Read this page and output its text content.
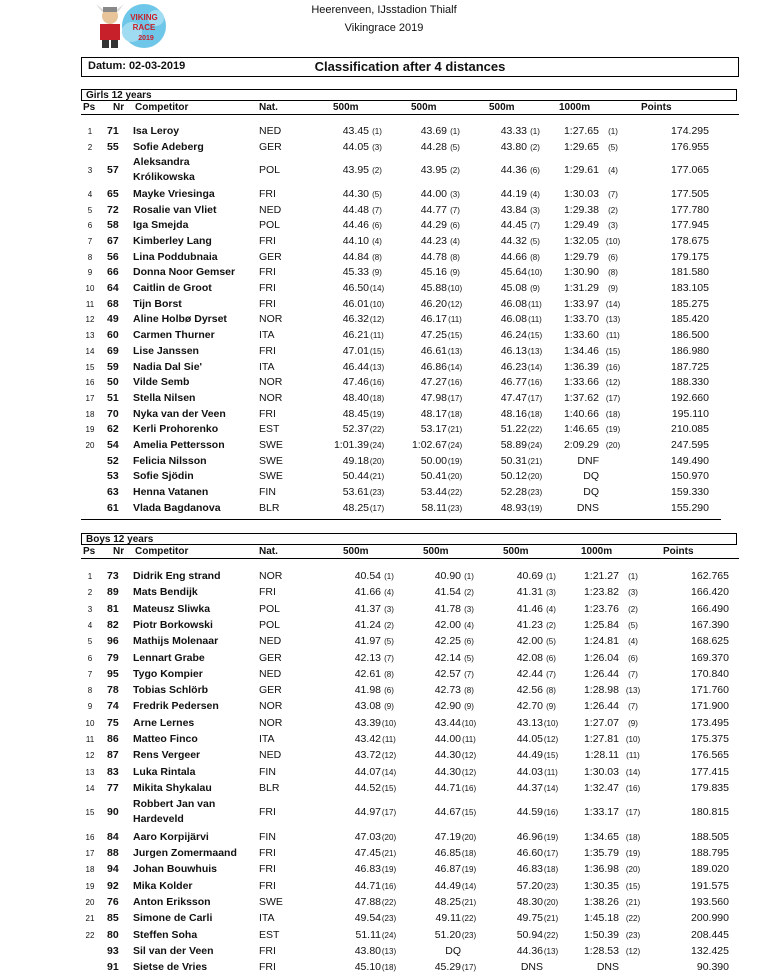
VIKING
RACE
2019
Heerenveen, IJsstadion Thialf
Vikingrace 2019
Datum: 02-03-2019	Classification after 4 distances
Girls 12 years
Ps Nr Competitor	Nat.	500m	500m	500m	1000m	Points
1	71 Isa Leroy	NED	43.45 (1)	43.69 (1)	43.33 (1)	1:27.65	(1)	174.295
2	55 Sofie Adeberg	GER	44.05 (3)	44.28 (5)	43.80 (2)	1:29.65	(5)	176.955
3	57
Aleksandra Królikowska
POL	43.95 (2)	43.95 (2)	44.36 (6)	1:29.61	(4)	177.065
4	65 Mayke Vriesinga	FRI	44.30 (5)	44.00 (3)	44.19 (4)	1:30.03	(7)	177.505
5	72 Rosalie van Vliet	NED	44.48 (7)	44.77 (7)	43.84 (3)	1:29.38	(2)	177.780
6	58 Iga Smejda	POL	44.46 (6)	44.29 (6)	44.45 (7)	1:29.49	(3)	177.945
7	67 Kimberley Lang	FRI	44.10 (4)	44.23 (4)	44.32 (5)	1:32.05 (10)	178.675
8	56 Lina Poddubnaia	GER	44.84 (8)	44.78 (8)	44.66 (8)	1:29.79	(6)	179.175
9	66 Donna Noor Gemser FRI	45.33 (9)	45.16 (9)	45.64 (10)	1:30.90	(8)	181.580
10	64 Caitlin de Groot	FRI	46.50 (14)	45.88 (10)	45.08 (9)	1:31.29	(9)	183.105
11	68 Tijn Borst	FRI	46.01 (10)	46.20 (12)	46.08 (11)	1:33.97 (14)	185.275
12	49 Aline Holbø Dyrset	NOR	46.32 (12)	46.17 (11)	46.08 (11)	1:33.70 (13)	185.420
13	60 Carmen Thurner	ITA	46.21 (11)	47.25 (15)	46.24 (15)	1:33.60 (11)	186.500
14	69 Lise Janssen	FRI	47.01 (15)	46.61 (13)	46.13 (13)	1:34.46 (15)	186.980
15	59 Nadia Dal Sie'	ITA	46.44 (13)	46.86 (14)	46.23 (14)	1:36.39 (16)	187.725
16	50 Vilde Semb	NOR	47.46 (16)	47.27 (16)	46.77 (16)	1:33.66 (12)	188.330
17	51 Stella Nilsen	NOR	48.40 (18)	47.98 (17)	47.47 (17)	1:37.62 (17)	192.660
18	70 Nyka van der Veen	FRI	48.45 (19)	48.17 (18)	48.16 (18)	1:40.66 (18)	195.110
19	62 Kerli Prohorenko	EST	52.37 (22)	53.17 (21)	51.22 (22)	1:46.65 (19)	210.085
20	54 Amelia Pettersson	SWE	1:01.39 (24)	1:02.67 (24)	58.89 (24)	2:09.29 (20)	247.595
52 Felicia Nilsson	SWE	49.18 (20)	50.00 (19)	50.31 (21)	DNF	149.490
53 Sofie Sjödin	SWE	50.44 (21)	50.41 (20)	50.12 (20)	DQ	150.970
63 Henna Vatanen	FIN	53.61 (23)	53.44 (22)	52.28 (23)	DQ	159.330
61 Vlada Bagdanova	BLR	48.25 (17)	58.11 (23)	48.93 (19)	DNS	155.290
Boys 12 years
Ps Nr Competitor	Nat.	500m	500m	500m	1000m	Points
1	73 Didrik Eng strand	NOR	40.54 (1)	40.90 (1)	40.69 (1)	1:21.27	(1)	162.765
2	89 Mats Bendijk	FRI	41.66 (4)	41.54 (2)	41.31 (3)	1:23.82	(3)	166.420
3	81 Mateusz Sliwka	POL	41.37 (3)	41.78 (3)	41.46 (4)	1:23.76	(2)	166.490
4	82 Piotr Borkowski	POL	41.24 (2)	42.00 (4)	41.23 (2)	1:25.84	(5)	167.390
5	96 Mathijs Molenaar	NED	41.97 (5)	42.25 (6)	42.00 (5)	1:24.81	(4)	168.625
6	79 Lennart Grabe	GER	42.13 (7)	42.14 (5)	42.08 (6)	1:26.04	(6)	169.370
7	95 Tygo Kompier	NED	42.61 (8)	42.57 (7)	42.44 (7)	1:26.44	(7)	170.840
8	78 Tobias Schlörb	GER	41.98 (6)	42.73 (8)	42.56 (8)	1:28.98 (13)	171.760
9	74 Fredrik Pedersen	NOR	43.08 (9)	42.90 (9)	42.70 (9)	1:26.44	(7)	171.900
10	75 Arne Lernes	NOR	43.39 (10)	43.44 (10)	43.13 (10)	1:27.07	(9)	173.495
11	86 Matteo Finco	ITA	43.42 (11)	44.00 (11)	44.05 (12)	1:27.81 (10)	175.375
12	87 Rens Vergeer	NED	43.72 (12)	44.30 (12)	44.49 (15)	1:28.11 (11)	176.565
13	83 Luka Rintala	FIN	44.07 (14)	44.30 (12)	44.03 (11)	1:30.03 (14)	177.415
14	77 Mikita Shykalau	BLR	44.52 (15)	44.71 (16)	44.37 (14)	1:32.47 (16)	179.835
15	90
Robbert Jan van Hardeveld
FRI	44.97 (17)	44.67 (15)	44.59 (16)	1:33.17 (17)	180.815
16	84 Aaro Korpijärvi	FIN	47.03 (20)	47.19 (20)	46.96 (19)	1:34.65 (18)	188.505
17	88 Jurgen Zomermaand FRI	47.45 (21)	46.85 (18)	46.60 (17)	1:35.79 (19)	188.795
18	94 Johan Bouwhuis	FRI	46.83 (19)	46.87 (19)	46.83 (18)	1:36.98 (20)	189.020
19	92 Mika Kolder	FRI	44.71 (16)	44.49 (14)	57.20 (23)	1:30.35 (15)	191.575
20	76 Anton Eriksson	SWE	47.88 (22)	48.25 (21)	48.30 (20)	1:38.26 (21)	193.560
21	85 Simone de Carli	ITA	49.54 (23)	49.11 (22)	49.75 (21)	1:45.18 (22)	200.990
22	80 Steffen Soha	EST	51.11 (24)	51.20 (23)	50.94 (22)	1:50.39 (23)	208.445
93 Sil van der Veen	FRI	43.80 (13)	DQ	44.36 (13)	1:28.53 (12)	132.425
91 Sietse de Vries	FRI	45.10 (18)	45.29 (17)	DNS	DNS	90.390
